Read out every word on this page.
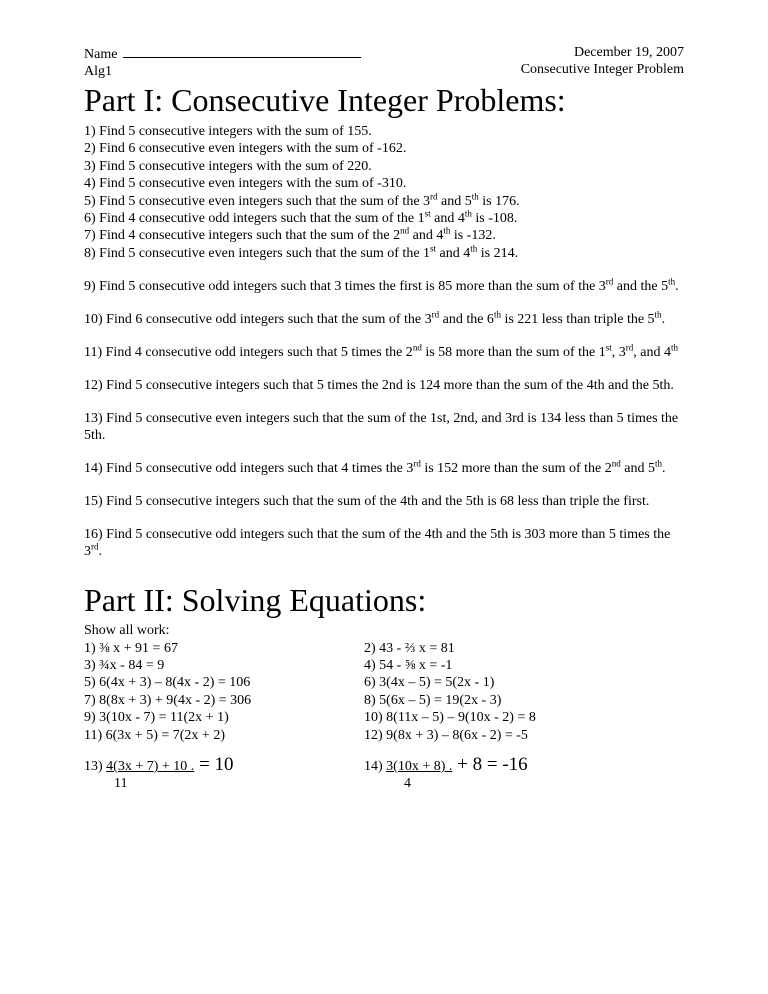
Name
Alg1
December 19, 2007
Consecutive Integer Problem
Part I: Consecutive Integer Problems:
1) Find 5 consecutive integers with the sum of 155.
2) Find 6 consecutive even integers with the sum of -162.
3) Find 5 consecutive integers with the sum of 220.
4) Find 5 consecutive even integers with the sum of -310.
5) Find 5 consecutive even integers such that the sum of the 3rd and 5th is 176.
6) Find 4 consecutive odd integers such that the sum of the 1st and 4th is -108.
7) Find 4 consecutive integers such that the sum of the 2nd and 4th is -132.
8) Find 5 consecutive even integers such that the sum of the 1st and 4th is 214.
9) Find 5 consecutive odd integers such that 3 times the first is 85 more than the sum of the 3rd and the 5th.
10) Find 6 consecutive odd integers such that the sum of the 3rd and the 6th is 221 less than triple the 5th.
11) Find 4 consecutive odd integers such that 5 times the 2nd is 58 more than the sum of the 1st, 3rd, and 4th
12) Find 5 consecutive integers such that 5 times the 2nd is 124 more than the sum of the 4th and the 5th.
13) Find 5 consecutive even integers such that the sum of the 1st, 2nd, and 3rd is 134 less than 5 times the 5th.
14) Find 5 consecutive odd integers such that 4 times the 3rd is 152 more than the sum of the 2nd and 5th.
15) Find 5 consecutive integers such that the sum of the 4th and the 5th is 68 less than triple the first.
16) Find 5 consecutive odd integers such that the sum of the 4th and the 5th is 303 more than 5 times the 3rd.
Part II: Solving Equations:
Show all work:
1) ⅜ x + 91 = 67	2) 43 - ⅔ x = 81
3) ¾x - 84 = 9	4) 54 - ⅝ x = -1
5) 6(4x + 3) – 8(4x - 2) = 106	6) 3(4x – 5) = 5(2x - 1)
7) 8(8x + 3) + 9(4x - 2) = 306	8) 5(6x – 5) = 19(2x - 3)
9) 3(10x - 7) = 11(2x + 1)	10) 8(11x – 5) – 9(10x - 2) = 8
11) 6(3x + 5) = 7(2x + 2)	12) 9(8x + 3) – 8(6x - 2) = -5
13) 4(3x + 7) + 10 . = 10
11
14) 3(10x + 8) . + 8 = -16
4
